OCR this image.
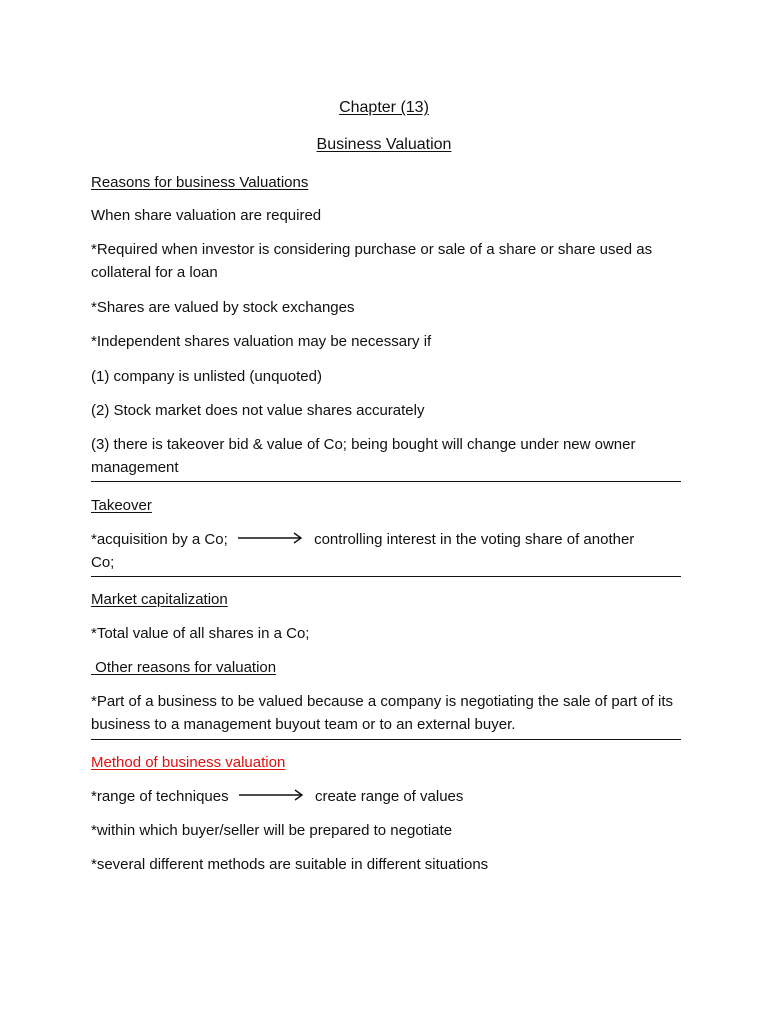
Chapter (13)
Business Valuation
Reasons for business Valuations
When share valuation are required
*Required when investor is considering purchase or sale of a share or share used as collateral for a loan
*Shares are valued by stock exchanges
*Independent shares valuation may be necessary if
(1) company is unlisted (unquoted)
(2) Stock market does not value shares accurately
(3) there is takeover bid & value of Co; being bought will change under new owner management
Takeover
*acquisition by a Co;	controlling interest in the voting share of another
Co;
Market capitalization
*Total value of all shares in a Co;
Other reasons for valuation
*Part of a business to be valued because a company is negotiating the sale of part of its business to a management buyout team or to an external buyer.
Method of business valuation
*range of techniques	create range of values
*within which buyer/seller will be prepared to negotiate
*several different methods are suitable in different situations
